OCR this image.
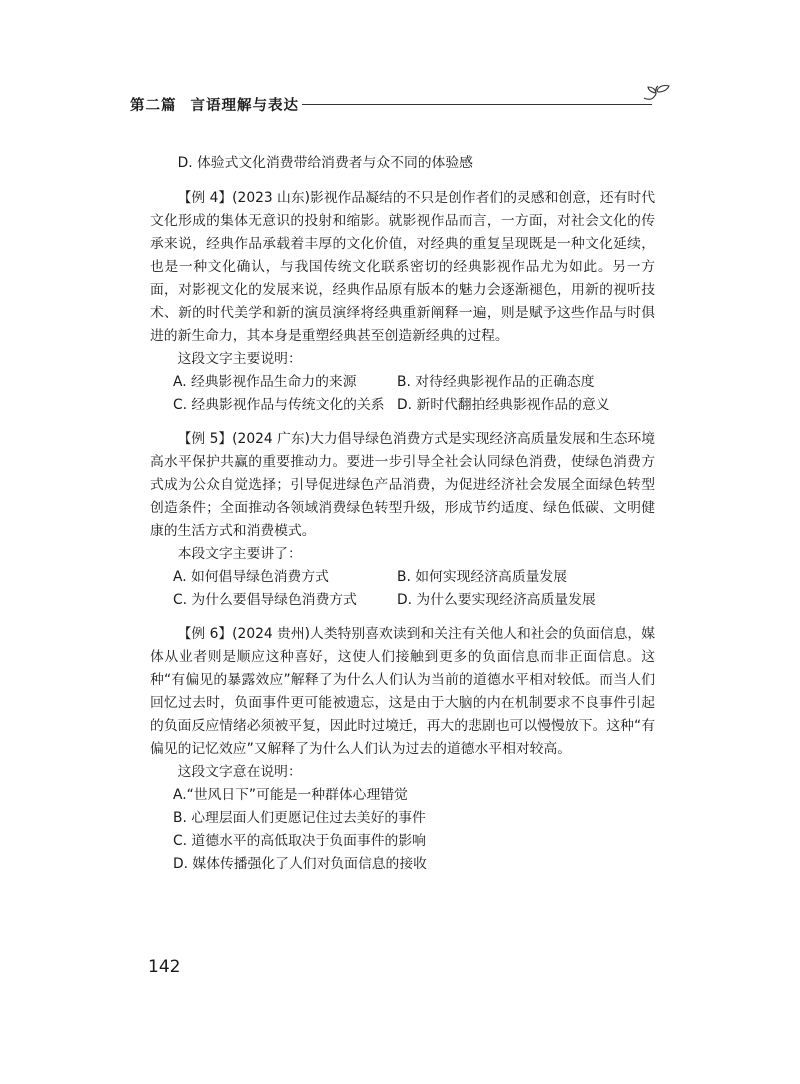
第二篇 言语理解与表达

D. 体验式文化消费带给消费者与众不同的体验感

【例 4】(2023 山东)影视作品凝结的不只是创作者们的灵感和创意，还有时代文化形成的集体无意识的投射和缩影。就影视作品而言，一方面，对社会文化的传承来说，经典作品承载着丰厚的文化价值，对经典的重复呈现既是一种文化延续，也是一种文化确认，与我国传统文化联系密切的经典影视作品尤为如此。另一方面，对影视文化的发展来说，经典作品原有版本的魅力会逐渐褪色，用新的视听技术、新的时代美学和新的演员演绎将经典重新阐释一遍，则是赋予这些作品与时俱进的新生命力，其本身是重塑经典甚至创造新经典的过程。

这段文字主要说明：

A. 经典影视作品生命力的来源	B. 对待经典影视作品的正确态度
C. 经典影视作品与传统文化的关系 D. 新时代翻拍经典影视作品的意义

【例 5】(2024 广东)大力倡导绿色消费方式是实现经济高质量发展和生态环境高水平保护共赢的重要推动力。要进一步引导全社会认同绿色消费，使绿色消费方式成为公众自觉选择；引导促进绿色产品消费，为促进经济社会发展全面绿色转型创造条件；全面推动各领域消费绿色转型升级，形成节约适度、绿色低碳、文明健康的生活方式和消费模式。

本段文字主要讲了：

A. 如何倡导绿色消费方式	B. 如何实现经济高质量发展
C. 为什么要倡导绿色消费方式	D. 为什么要实现经济高质量发展

【例 6】(2024 贵州)人类特别喜欢读到和关注有关他人和社会的负面信息，媒体从业者则是顺应这种喜好，这使人们接触到更多的负面信息而非正面信息。这种“有偏见的暴露效应”解释了为什么人们认为当前的道德水平相对较低。而当人们回忆过去时，负面事件更可能被遗忘，这是由于大脑的内在机制要求不良事件引起的负面反应情绪必须被平复，因此时过境迁，再大的悲剧也可以慢慢放下。这种“有偏见的记忆效应”又解释了为什么人们认为过去的道德水平相对较高。

这段文字意在说明：

A.“世风日下”可能是一种群体心理错觉
B. 心理层面人们更愿记住过去美好的事件
C. 道德水平的高低取决于负面事件的影响
D. 媒体传播强化了人们对负面信息的接收
142
